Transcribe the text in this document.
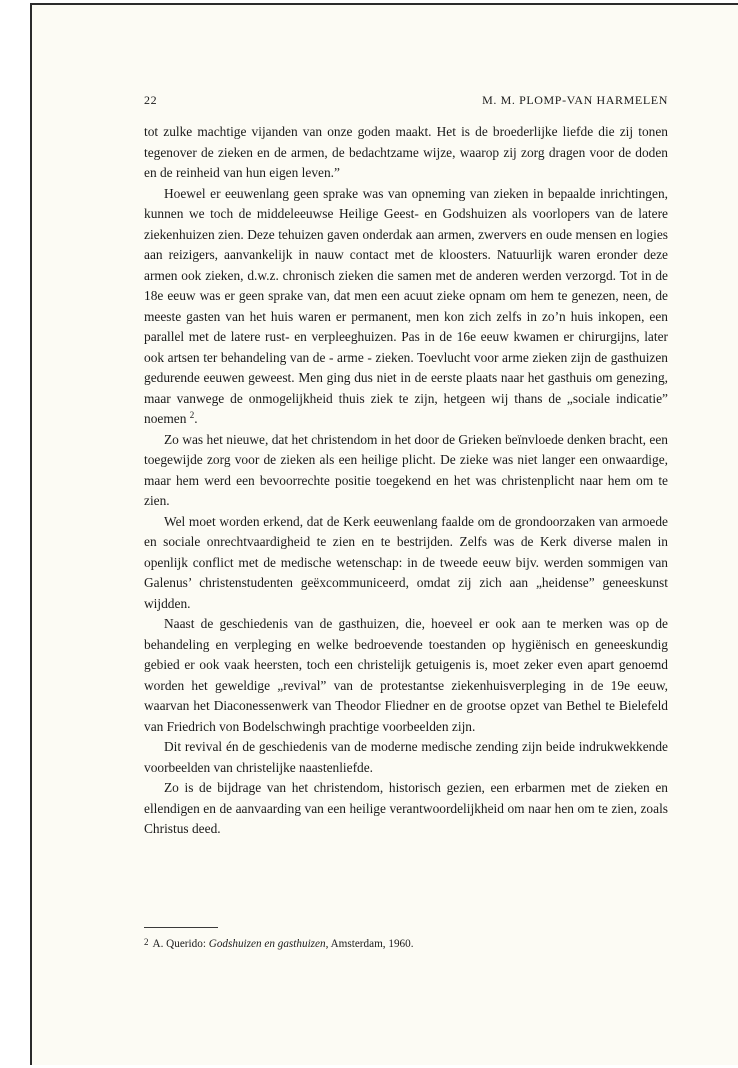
22	M. M. PLOMP-VAN HARMELEN

tot zulke machtige vijanden van onze goden maakt. Het is de broederlijke liefde die zij tonen tegenover de zieken en de armen, de bedachtzame wijze, waarop zij zorg dragen voor de doden en de reinheid van hun eigen leven.”

Hoewel er eeuwenlang geen sprake was van opneming van zieken in bepaalde inrichtingen, kunnen we toch de middeleeuwse Heilige Geest- en Godshuizen als voorlopers van de latere ziekenhuizen zien. Deze tehuizen gaven onderdak aan armen, zwervers en oude mensen en logies aan reizigers, aanvankelijk in nauw contact met de kloosters. Natuurlijk waren eronder deze armen ook zieken, d.w.z. chronisch zieken die samen met de anderen werden verzorgd. Tot in de 18e eeuw was er geen sprake van, dat men een acuut zieke opnam om hem te genezen, neen, de meeste gasten van het huis waren er permanent, men kon zich zelfs in zo’n huis inkopen, een parallel met de latere rust- en verpleeghuizen. Pas in de 16e eeuw kwamen er chirurgijns, later ook artsen ter behandeling van de - arme - zieken. Toevlucht voor arme zieken zijn de gasthuizen gedurende eeuwen geweest. Men ging dus niet in de eerste plaats naar het gasthuis om genezing, maar vanwege de onmogelijkheid thuis ziek te zijn, hetgeen wij thans de „sociale indicatie” noemen $^2$.

Zo was het nieuwe, dat het christendom in het door de Grieken beïnvloede denken bracht, een toegewijde zorg voor de zieken als een heilige plicht. De zieke was niet langer een onwaardige, maar hem werd een bevoorrechte positie toegekend en het was christenplicht naar hem om te zien.

Wel moet worden erkend, dat de Kerk eeuwenlang faalde om de grondoorzaken van armoede en sociale onrechtvaardigheid te zien en te bestrijden. Zelfs was de Kerk diverse malen in openlijk conflict met de medische wetenschap: in de tweede eeuw bijv. werden sommigen van Galenus’ christenstudenten geëxcommuniceerd, omdat zij zich aan „heidense” geneeskunst wijdden.

Naast de geschiedenis van de gasthuizen, die, hoeveel er ook aan te merken was op de behandeling en verpleging en welke bedroevende toestanden op hygiënisch en geneeskundig gebied er ook vaak heersten, toch een christelijk getuigenis is, moet zeker even apart genoemd worden het geweldige „revival” van de protestantse ziekenhuisverpleging in de 19e eeuw, waarvan het Diaconessenwerk van Theodor Fliedner en de grootse opzet van Bethel te Bielefeld van Friedrich von Bodelschwingh prachtige voorbeelden zijn.

Dit revival én de geschiedenis van de moderne medische zending zijn beide indrukwekkende voorbeelden van christelijke naastenliefde.

Zo is de bijdrage van het christendom, historisch gezien, een erbarmen met de zieken en ellendigen en de aanvaarding van een heilige verantwoordelijkheid om naar hen om te zien, zoals Christus deed.

2 A. Querido: Godshuizen en gasthuizen, Amsterdam, 1960.
